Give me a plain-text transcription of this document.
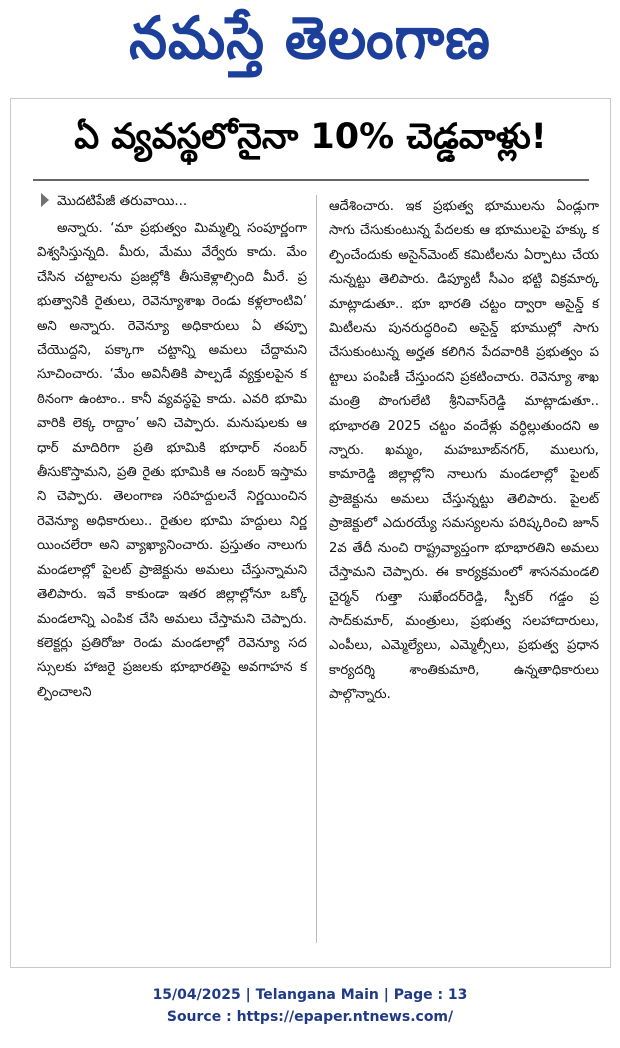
నమస్తే తెలంగాణ
ఏ వ్యవస్థలోనైనా 10% చెడ్డవాళ్లు!
మొదటిపేజీ తరువాయి...
అన్నారు. ‘మా ప్రభుత్వం మిమ్మల్ని సంపూర్ణంగా విశ్వసిస్తున్నది. మీరు, మేము వేర్వేరు కాదు. మేం చేసిన చట్టాలను ప్రజల్లోకి తీసుకెళ్లాల్సింది మీరే. ప్రభుత్వానికి రైతులు, రెవెన్యూశాఖ రెండు కళ్లలాంటివి’ అని అన్నారు. రెవెన్యూ అధికారులు ఏ తప్పూ చేయొద్దని, పక్కాగా చట్టాన్ని అమలు చేద్దామని సూచించారు. ‘మేం అవినీతికి పాల్పడే వ్యక్తులపైన కఠినంగా ఉంటాం.. కానీ వ్యవస్థపై కాదు. ఎవరి భూమి వారికి లెక్క రాద్దాం’ అని చెప్పారు. మనుషులకు ఆధార్ మాదిరిగా ప్రతి భూమికి భూధార్ నంబర్ తీసుకొస్తామని, ప్రతి రైతు భూమికి ఆ నంబర్ ఇస్తామని చెప్పారు. తెలంగాణ సరిహద్దులనే నిర్ణయించిన రెవెన్యూ అధికారులు.. రైతుల భూమి హద్దులు నిర్ణయించలేరా అని వ్యాఖ్యానించారు. ప్రస్తుతం నాలుగు మండలాల్లో పైలట్ ప్రాజెక్టును అమలు చేస్తున్నామని తెలిపారు. ఇవే కాకుండా ఇతర జిల్లాల్లోనూ ఒక్కో మండలాన్ని ఎంపిక చేసి అమలు చేస్తామని చెప్పారు. కలెక్టర్లు ప్రతిరోజు రెండు మండలాల్లో రెవెన్యూ సదస్సులకు హాజరై ప్రజలకు భూభారతిపై అవగాహన కల్పించాలని
ఆదేశించారు. ఇక ప్రభుత్వ భూములను ఏండ్లుగా సాగు చేసుకుంటున్న పేదలకు ఆ భూములపై హక్కు కల్పించేందుకు అసైన్‌మెంట్ కమిటీలను ఏర్పాటు చేయనున్నట్టు తెలిపారు. డిప్యూటీ సీఎం భట్టి విక్రమార్క మాట్లాడుతూ.. భూ భారతి చట్టం ద్వారా అసైన్డ్ కమిటీలను పునరుద్ధరించి అసైన్డ్ భూముల్లో సాగు చేసుకుంటున్న అర్హత కలిగిన పేదవారికి ప్రభుత్వం పట్టాలు పంపిణీ చేస్తుందని ప్రకటించారు. రెవెన్యూ శాఖ మంత్రి పొంగులేటి శ్రీనివాస్‌రెడ్డి మాట్లాడుతూ.. భూభారతి 2025 చట్టం వందేళ్లు వర్ధిల్లుతుందని అన్నారు. ఖమ్మం, మహబూబ్‌నగర్, ములుగు, కామారెడ్డి జిల్లాల్లోని నాలుగు మండలాల్లో పైలట్ ప్రాజెక్టును అమలు చేస్తున్నట్టు తెలిపారు. పైలట్ ప్రాజెక్టులో ఎదురయ్యే సమస్యలను పరిష్కరించి జూన్ 2వ తేదీ నుంచి రాష్ట్రవ్యాప్తంగా భూభారతిని అమలు చేస్తామని చెప్పారు. ఈ కార్యక్రమంలో శాసనమండలి చైర్మన్ గుత్తా సుఖేందర్‌రెడ్డి, స్పీకర్ గడ్డం ప్రసాద్‌కుమార్, మంత్రులు, ప్రభుత్వ సలహాదారులు, ఎంపీలు, ఎమ్మెల్యేలు, ఎమ్మెల్సీలు, ప్రభుత్వ ప్రధాన కార్యదర్శి శాంతికుమారి, ఉన్నతాధికారులు పాల్గొన్నారు.
15/04/2025 | Telangana Main | Page : 13
Source : https://epaper.ntnews.com/
